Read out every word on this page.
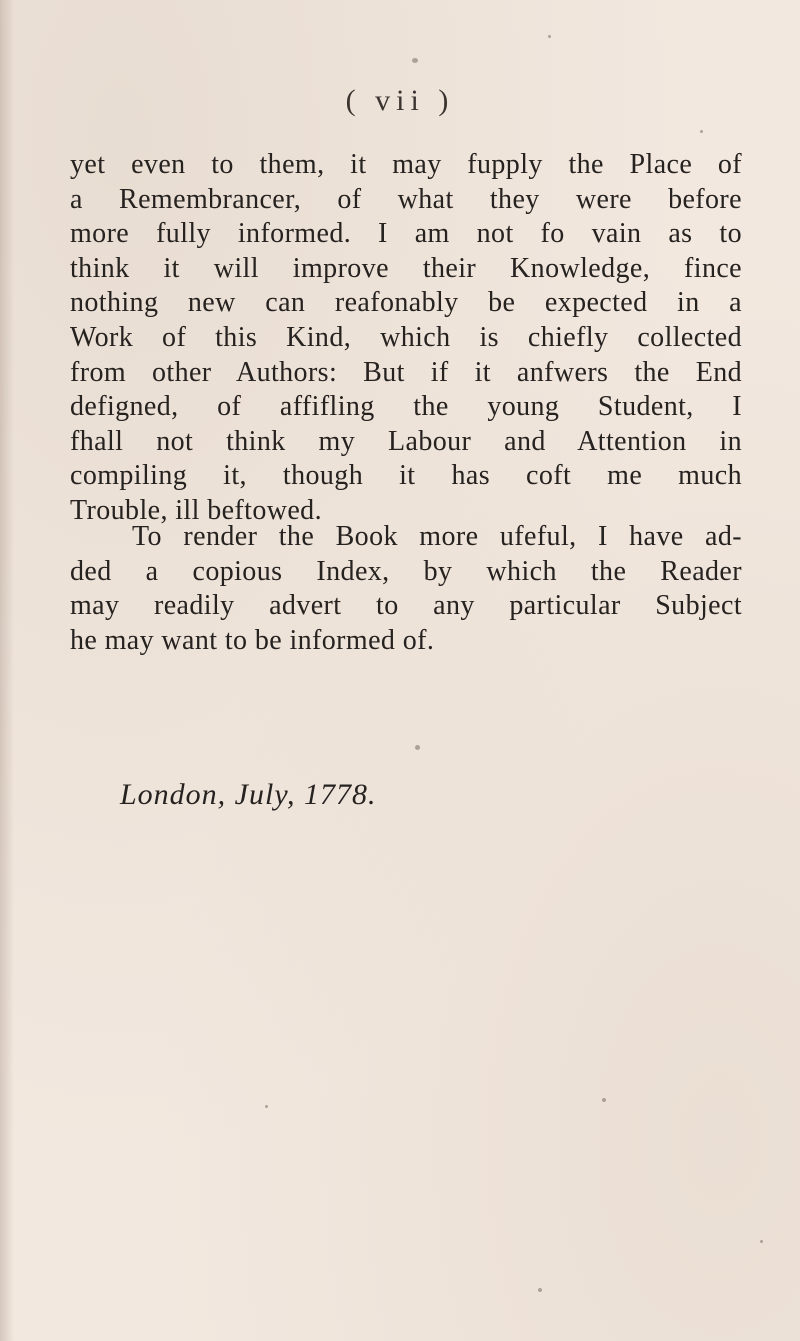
( vii )
yet even to them, it may fupply the Place of
a Remembrancer, of what they were before
more fully informed. I am not fo vain as to
think it will improve their Knowledge, fince
nothing new can reafonably be expected in a
Work of this Kind, which is chiefly collected
from other Authors: But if it anfwers the End
defigned, of affifling the young Student, I
fhall not think my Labour and Attention in
compiling it, though it has coft me much
Trouble, ill beftowed.
To render the Book more ufeful, I have ad-
ded a copious Index, by which the Reader
may readily advert to any particular Subject
he may want to be informed of.
London, July, 1778.
